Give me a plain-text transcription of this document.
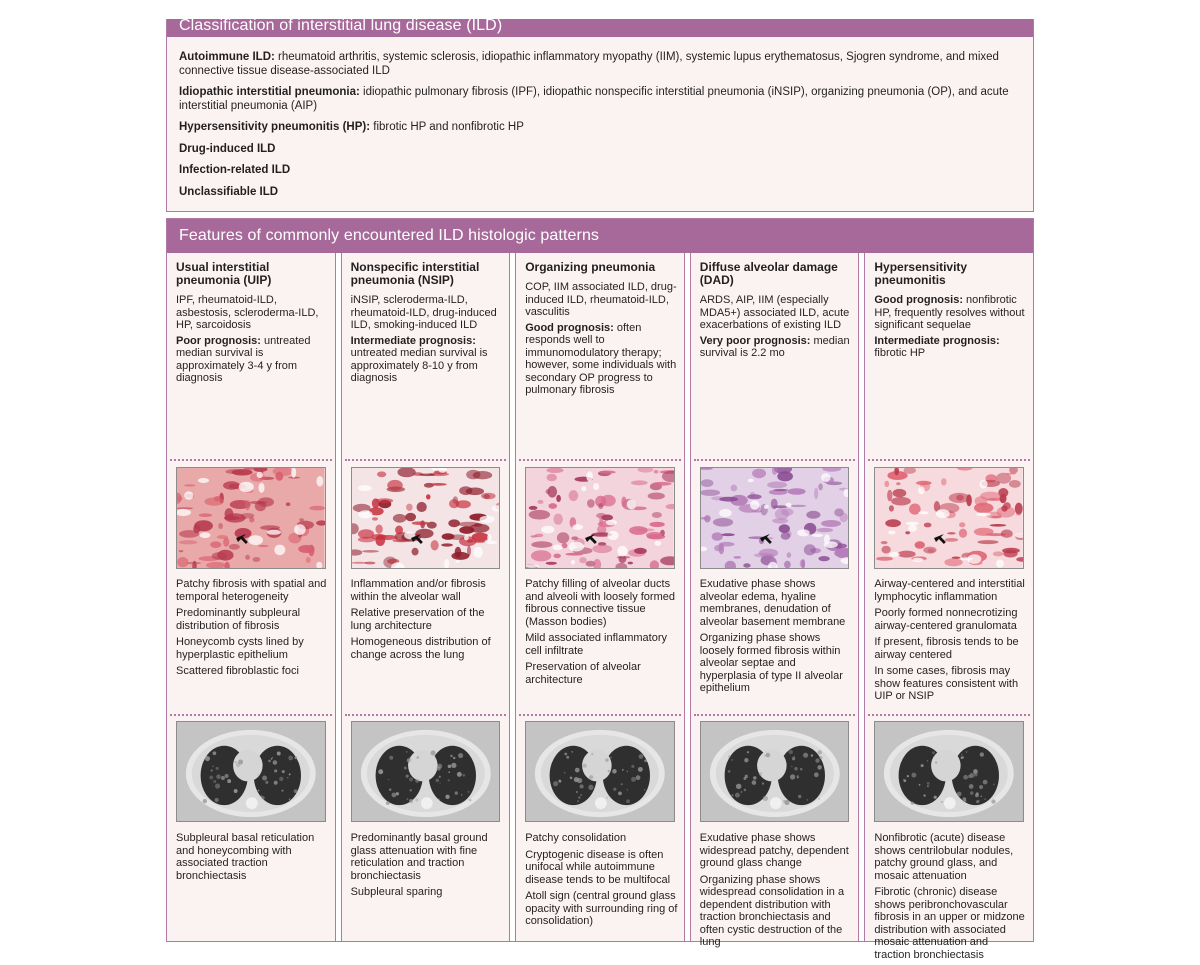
Classification of interstitial lung disease (ILD)
Autoimmune ILD: rheumatoid arthritis, systemic sclerosis, idiopathic inflammatory myopathy (IIM), systemic lupus erythematosus, Sjogren syndrome, and mixed connective tissue disease-associated ILD
Idiopathic interstitial pneumonia: idiopathic pulmonary fibrosis (IPF), idiopathic nonspecific interstitial pneumonia (iNSIP), organizing pneumonia (OP), and acute interstitial pneumonia (AIP)
Hypersensitivity pneumonitis (HP): fibrotic HP and nonfibrotic HP
Drug-induced ILD
Infection-related ILD
Unclassifiable ILD
Features of commonly encountered ILD histologic patterns
Usual interstitial pneumonia (UIP)

IPF, rheumatoid-ILD, asbestosis, scleroderma-ILD, HP, sarcoidosis

Poor prognosis: untreated median survival is approximately 3-4 y from diagnosis

Patchy fibrosis with spatial and temporal heterogeneity

Predominantly subpleural distribution of fibrosis

Honeycomb cysts lined by hyperplastic epithelium

Scattered fibroblastic foci

Subpleural basal reticulation and honeycombing with associated traction bronchiectasis

Nonspecific interstitial pneumonia (NSIP)

iNSIP, scleroderma-ILD, rheumatoid-ILD, drug-induced ILD, smoking-induced ILD

Intermediate prognosis: untreated median survival is approximately 8-10 y from diagnosis

Inflammation and/or fibrosis within the alveolar wall

Relative preservation of the lung architecture

Homogeneous distribution of change across the lung

Predominantly basal ground glass attenuation with fine reticulation and traction bronchiectasis

Subpleural sparing

Organizing pneumonia

COP, IIM associated ILD, drug-induced ILD, rheumatoid-ILD, vasculitis

Good prognosis: often responds well to immunomodulatory therapy; however, some individuals with secondary OP progress to pulmonary fibrosis

Patchy filling of alveolar ducts and alveoli with loosely formed fibrous connective tissue (Masson bodies)

Mild associated inflammatory cell infiltrate

Preservation of alveolar architecture

Patchy consolidation

Cryptogenic disease is often unifocal while autoimmune disease tends to be multifocal

Atoll sign (central ground glass opacity with surrounding ring of consolidation)

Diffuse alveolar damage (DAD)

ARDS, AIP, IIM (especially MDA5+) associated ILD, acute exacerbations of existing ILD

Very poor prognosis: median survival is 2.2 mo

Exudative phase shows alveolar edema, hyaline membranes, denudation of alveolar basement membrane

Organizing phase shows loosely formed fibrosis within alveolar septae and hyperplasia of type II alveolar epithelium

Exudative phase shows widespread patchy, dependent ground glass change

Organizing phase shows widespread consolidation in a dependent distribution with traction bronchiectasis and often cystic destruction of the lung

Hypersensitivity pneumonitis

Good prognosis: nonfibrotic HP, frequently resolves without significant sequelae

Intermediate prognosis: fibrotic HP

Airway-centered and interstitial lymphocytic inflammation

Poorly formed nonnecrotizing airway-centered granulomata

If present, fibrosis tends to be airway centered

In some cases, fibrosis may show features consistent with UIP or NSIP

Nonfibrotic (acute) disease shows centrilobular nodules, patchy ground glass, and mosaic attenuation

Fibrotic (chronic) disease shows peribronchovascular fibrosis in an upper or midzone distribution with associated mosaic attenuation and traction bronchiectasis
